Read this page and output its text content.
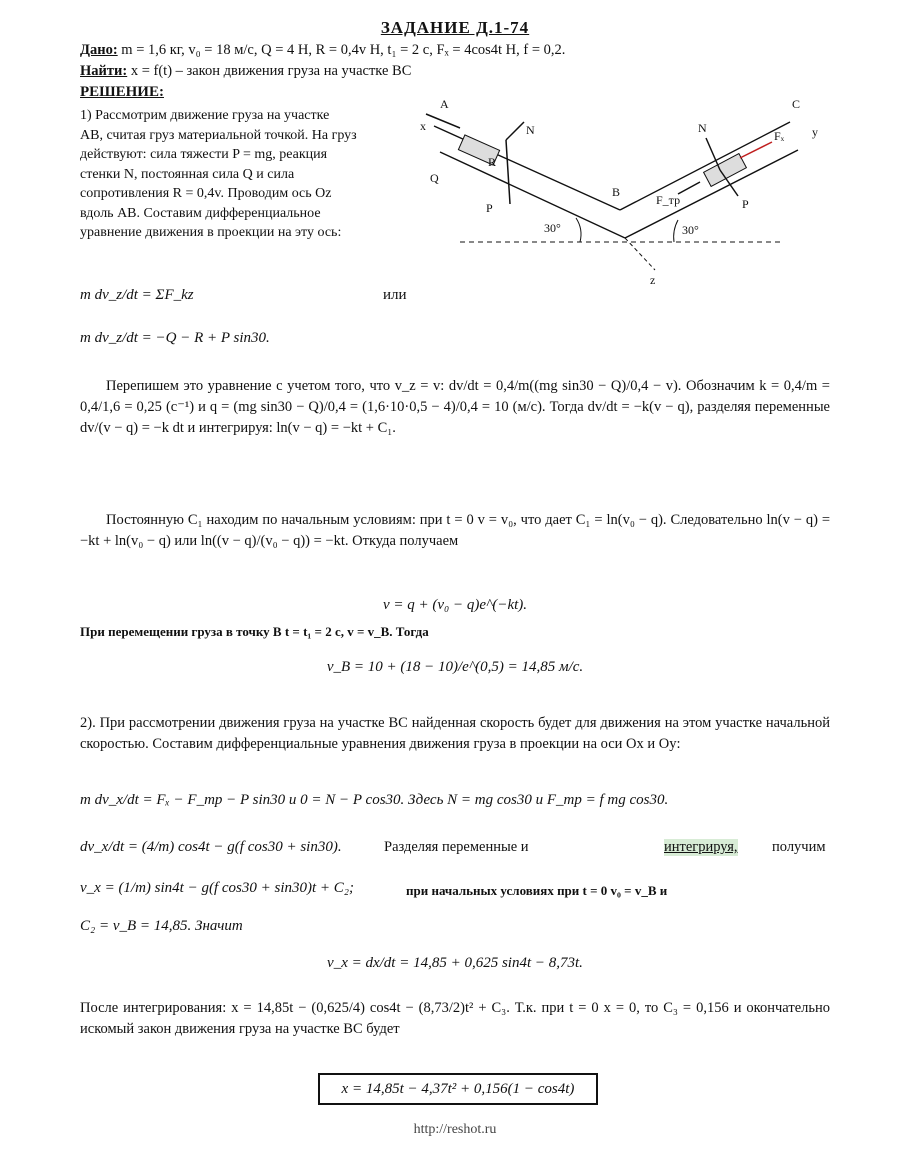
ЗАДАНИЕ Д.1-74
Дано: m = 1,6 кг, v₀ = 18 м/с, Q = 4 Н, R = 0,4v Н, t₁ = 2 с, Fₓ = 4cos4t Н, f = 0,2.
Найти: x = f(t) – закон движения груза на участке ВС
РЕШЕНИЕ:
1) Рассмотрим движение груза на участке
АВ, считая груз материальной точкой. На груз
действуют: сила тяжести P = mg, реакция
стенки N, постоянная сила Q и сила
сопротивления R = 0,4v. Проводим ось Оz
вдоль АВ. Составим дифференциальное
уравнение движения в проекции на эту ось:
A
x	N
Q
R
P
z
B
C
N
Fₓ
F_тр	P
30°	30°
y
m dv_z/dt = ΣF_kz	или
m dv_z/dt = −Q − R + P sin30.
Перепишем это уравнение с учетом того, что v_z = v: dv/dt = 0,4/m((mg sin30 − Q)/0,4 − v). Обозначим k = 0,4/m = 0,4/1,6 = 0,25 (с⁻¹) и q = (mg sin30 − Q)/0,4 = (1,6·10·0,5 − 4)/0,4 = 10 (м/с). Тогда dv/dt = −k(v − q), разделяя переменные dv/(v − q) = −k dt и интегрируя: ln(v − q) = −kt + C₁.
Постоянную C₁ находим по начальным условиям: при t = 0 v = v₀, что дает C₁ = ln(v₀ − q). Следовательно ln(v − q) = −kt + ln(v₀ − q) или ln((v − q)/(v₀ − q)) = −kt. Откуда получаем
v = q + (v₀ − q)e^(−kt).
При перемещении груза в точку В t = t₁ = 2 с, v = v_B. Тогда
v_B = 10 + (18 − 10)/e^(0,5) = 14,85 м/с.
2). При рассмотрении движения груза на участке ВС найденная скорость будет для движения на этом участке начальной скоростью. Составим дифференциальные уравнения движения груза в проекции на оси Оx и Оy:
m dv_x/dt = Fₓ − F_тр − P sin30 и 0 = N − P cos30. Здесь N = mg cos30 и F_тр = f mg cos30.
dv_x/dt = (4/m) cos4t − g(f cos30 + sin30).	Разделяя переменные и	интегрируя, получим
v_x = (1/m) sin4t − g(f cos30 + sin30)t + C₂;	при начальных условиях при t = 0 v₀ = v_B и
C₂ = v_B = 14,85. Значит
v_x = dx/dt = 14,85 + 0,625 sin4t − 8,73t.
После интегрирования: x = 14,85t − (0,625/4) cos4t − (8,73/2)t² + C₃. Т.к. при t = 0 x = 0, то C₃ = 0,156 и окончательно искомый закон движения груза на участке ВС будет
x = 14,85t − 4,37t² + 0,156(1 − cos4t)
http://reshot.ru
